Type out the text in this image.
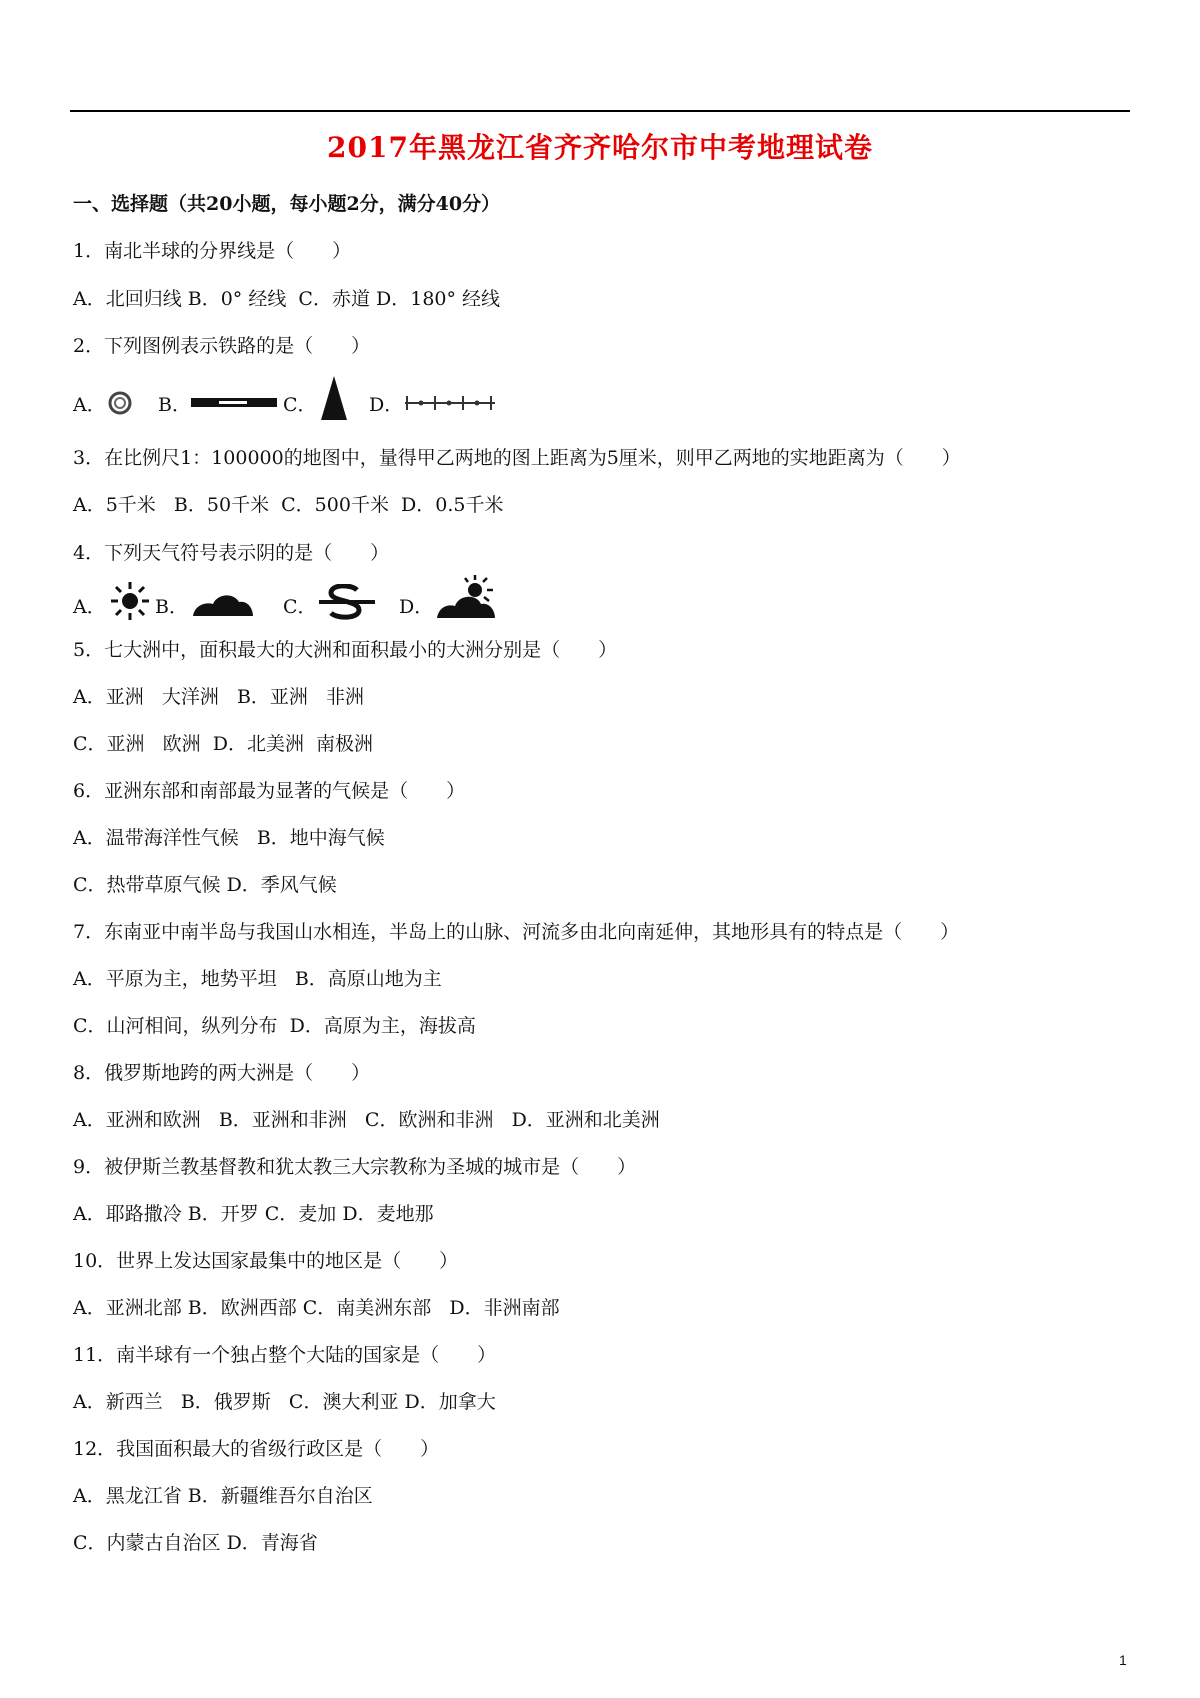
2017年黑龙江省齐齐哈尔市中考地理试卷
一、选择题（共20小题，每小题2分，满分40分）
1．南北半球的分界线是（　　）
A．北回归线 B．0° 经线  C．赤道 D．180° 经线
2．下列图例表示铁路的是（　　）

A．

	B．

	C．

	D．

3．在比例尺1：100000的地图中，量得甲乙两地的图上距离为5厘米，则甲乙两地的实地距离为（　　）
A．5千米   B．50千米  C．500千米  D．0.5千米
4．下列天气符号表示阴的是（　　）

A．

	B．

	C．

	D．

5．七大洲中，面积最大的大洲和面积最小的大洲分别是（　　）
A．亚洲   大洋洲   B．亚洲   非洲
C．亚洲   欧洲  D．北美洲  南极洲
6．亚洲东部和南部最为显著的气候是（　　）
A．温带海洋性气候   B．地中海气候
C．热带草原气候 D．季风气候
7．东南亚中南半岛与我国山水相连，半岛上的山脉、河流多由北向南延伸，其地形具有的特点是（　　）
A．平原为主，地势平坦   B．高原山地为主
C．山河相间，纵列分布  D．高原为主，海拔高
8．俄罗斯地跨的两大洲是（　　）
A．亚洲和欧洲   B．亚洲和非洲   C．欧洲和非洲   D．亚洲和北美洲
9．被伊斯兰教基督教和犹太教三大宗教称为圣城的城市是（　　）
A．耶路撒冷 B．开罗 C．麦加 D．麦地那
10．世界上发达国家最集中的地区是（　　）
A．亚洲北部 B．欧洲西部 C．南美洲东部   D．非洲南部
11．南半球有一个独占整个大陆的国家是（　　）
A．新西兰   B．俄罗斯   C．澳大利亚 D．加拿大
12．我国面积最大的省级行政区是（　　）
A．黑龙江省 B．新疆维吾尔自治区
C．内蒙古自治区 D．青海省
1
